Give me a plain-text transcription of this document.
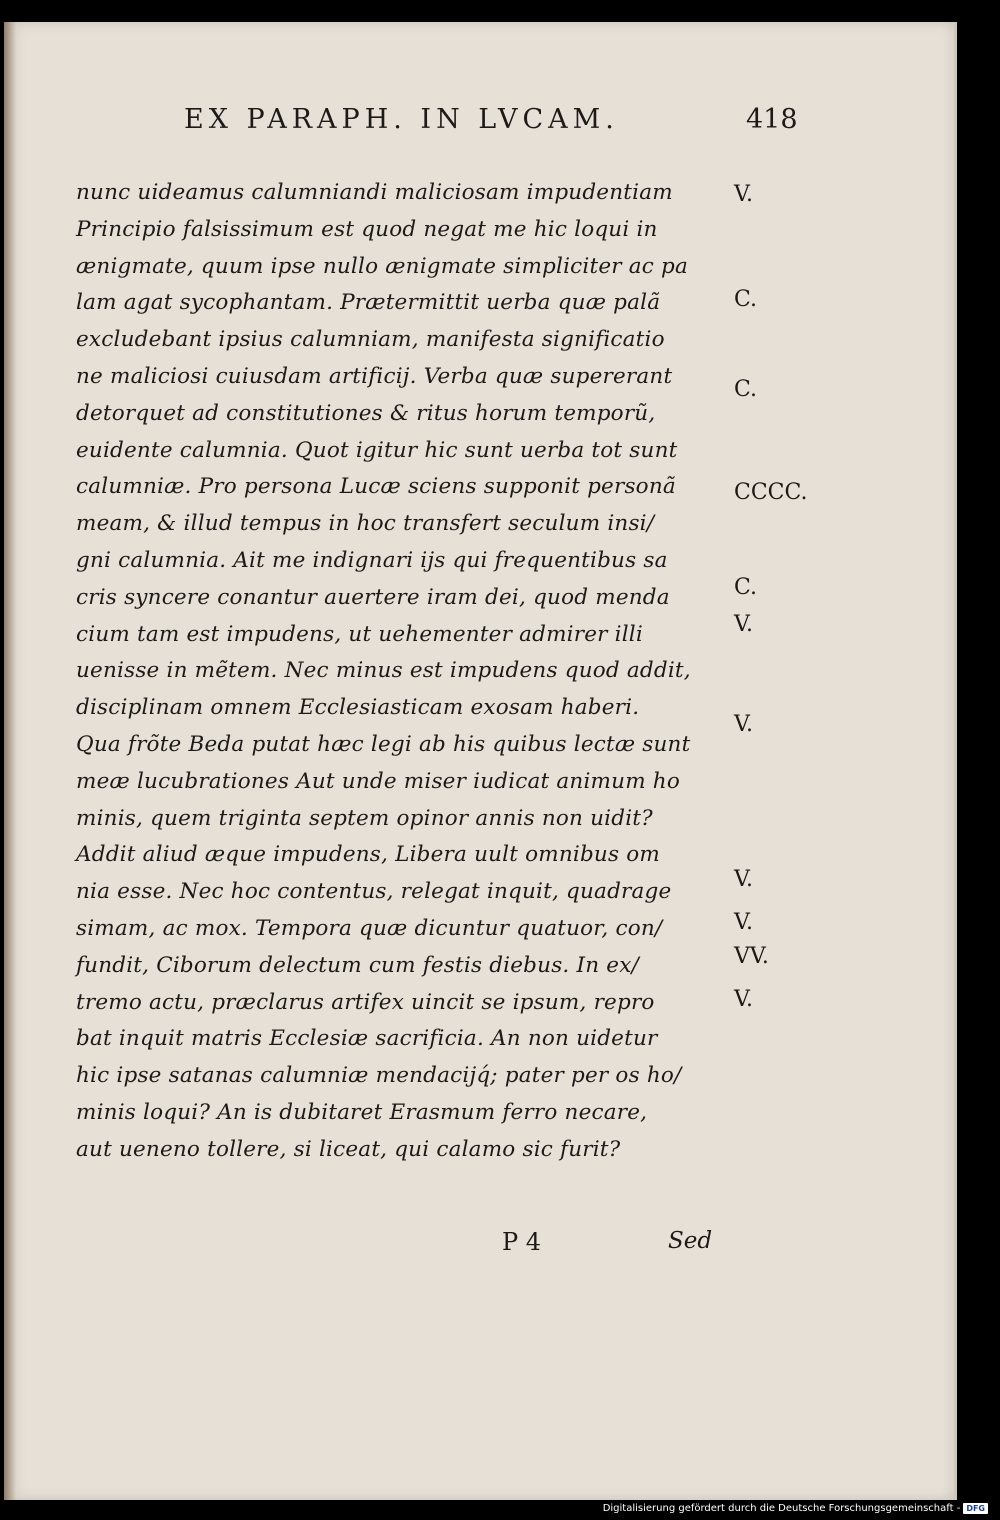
EX PARAPH. IN LVCAM.	418
nunc uideamus calumniandi maliciosam impudentiam
Principio falsissimum est quod negat me hic loqui in
ænigmate, quum ipse nullo ænigmate simpliciter ac pa
lam agat sycophantam. Prætermittit uerba quæ palã
excludebant ipsius calumniam, manifesta significatio
ne maliciosi cuiusdam artificij. Verba quæ supererant
detorquet ad constitutiones & ritus horum temporũ,
euidente calumnia. Quot igitur hic sunt uerba tot sunt
calumniæ. Pro persona Lucæ sciens supponit personã
meam, & illud tempus in hoc transfert seculum insi/
gni calumnia. Ait me indignari ijs qui frequentibus sa
cris syncere conantur auertere iram dei, quod menda
cium tam est impudens, ut uehementer admirer illi
uenisse in mẽtem. Nec minus est impudens quod addit,
disciplinam omnem Ecclesiasticam exosam haberi.
Qua frõte Beda putat hæc legi ab his quibus lectæ sunt
meæ lucubrationes Aut unde miser iudicat animum ho
minis, quem triginta septem opinor annis non uidit?
Addit aliud æque impudens, Libera uult omnibus om
nia esse. Nec hoc contentus, relegat inquit, quadrage
simam, ac mox. Tempora quæ dicuntur quatuor, con/
fundit, Ciborum delectum cum festis diebus. In ex/
tremo actu, præclarus artifex uincit se ipsum, repro
bat inquit matris Ecclesiæ sacrificia. An non uidetur
hic ipse satanas calumniæ mendacijq́; pater per os ho/
minis loqui? An is dubitaret Erasmum ferro necare,
aut ueneno tollere, si liceat, qui calamo sic furit?
V.
C.
C.
CCCC.
C.
V.
V.
V.
V.
VV.
V.
P 4	Sed
Digitalisierung gefördert durch die Deutsche Forschungsgemeinschaft - DFG
